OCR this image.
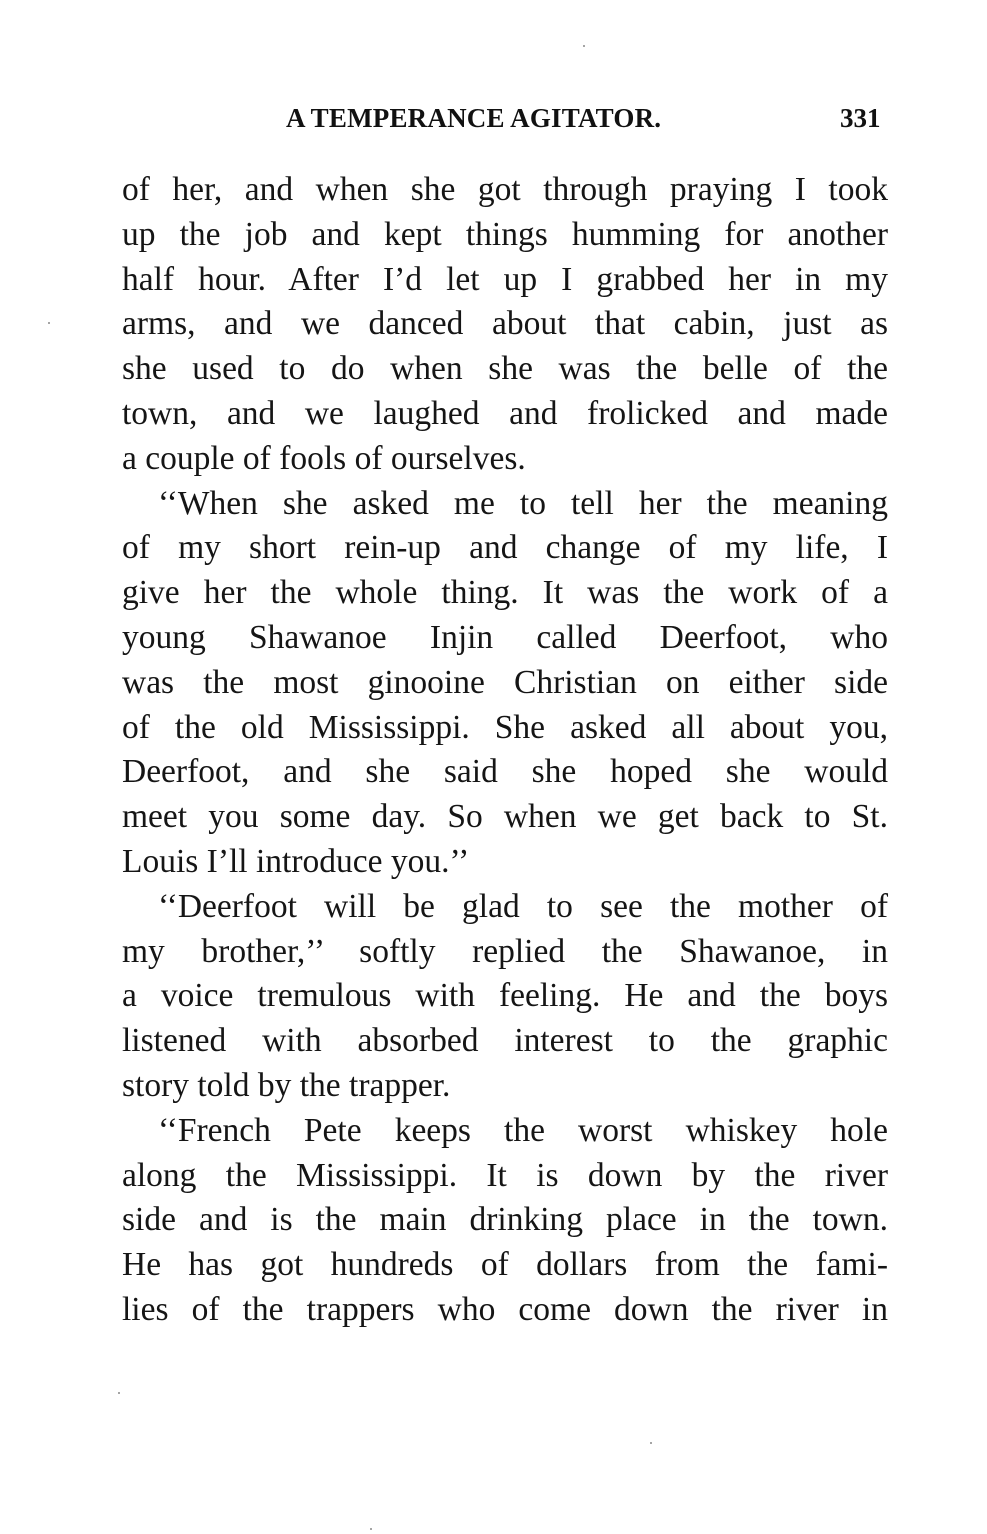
A TEMPERANCE AGITATOR.	331

of her, and when she got through praying I took
up the job and kept things humming for another
half hour. After I’d let up I grabbed her in my
arms, and we danced about that cabin, just as
she used to do when she was the belle of the
town, and we laughed and frolicked and made
a couple of fools of ourselves.

‘‘When she asked me to tell her the meaning
of my short rein-up and change of my life, I
give her the whole thing. It was the work of a
young Shawanoe Injin called Deerfoot, who
was the most ginooine Christian on either side
of the old Mississippi. She asked all about you,
Deerfoot, and she said she hoped she would
meet you some day. So when we get back to St.
Louis I’ll introduce you.’’

‘‘Deerfoot will be glad to see the mother of
my brother,’’ softly replied the Shawanoe, in
a voice tremulous with feeling. He and the boys
listened with absorbed interest to the graphic
story told by the trapper.

‘‘French Pete keeps the worst whiskey hole
along the Mississippi. It is down by the river
side and is the main drinking place in the town.
He has got hundreds of dollars from the fami-
lies of the trappers who come down the river in
